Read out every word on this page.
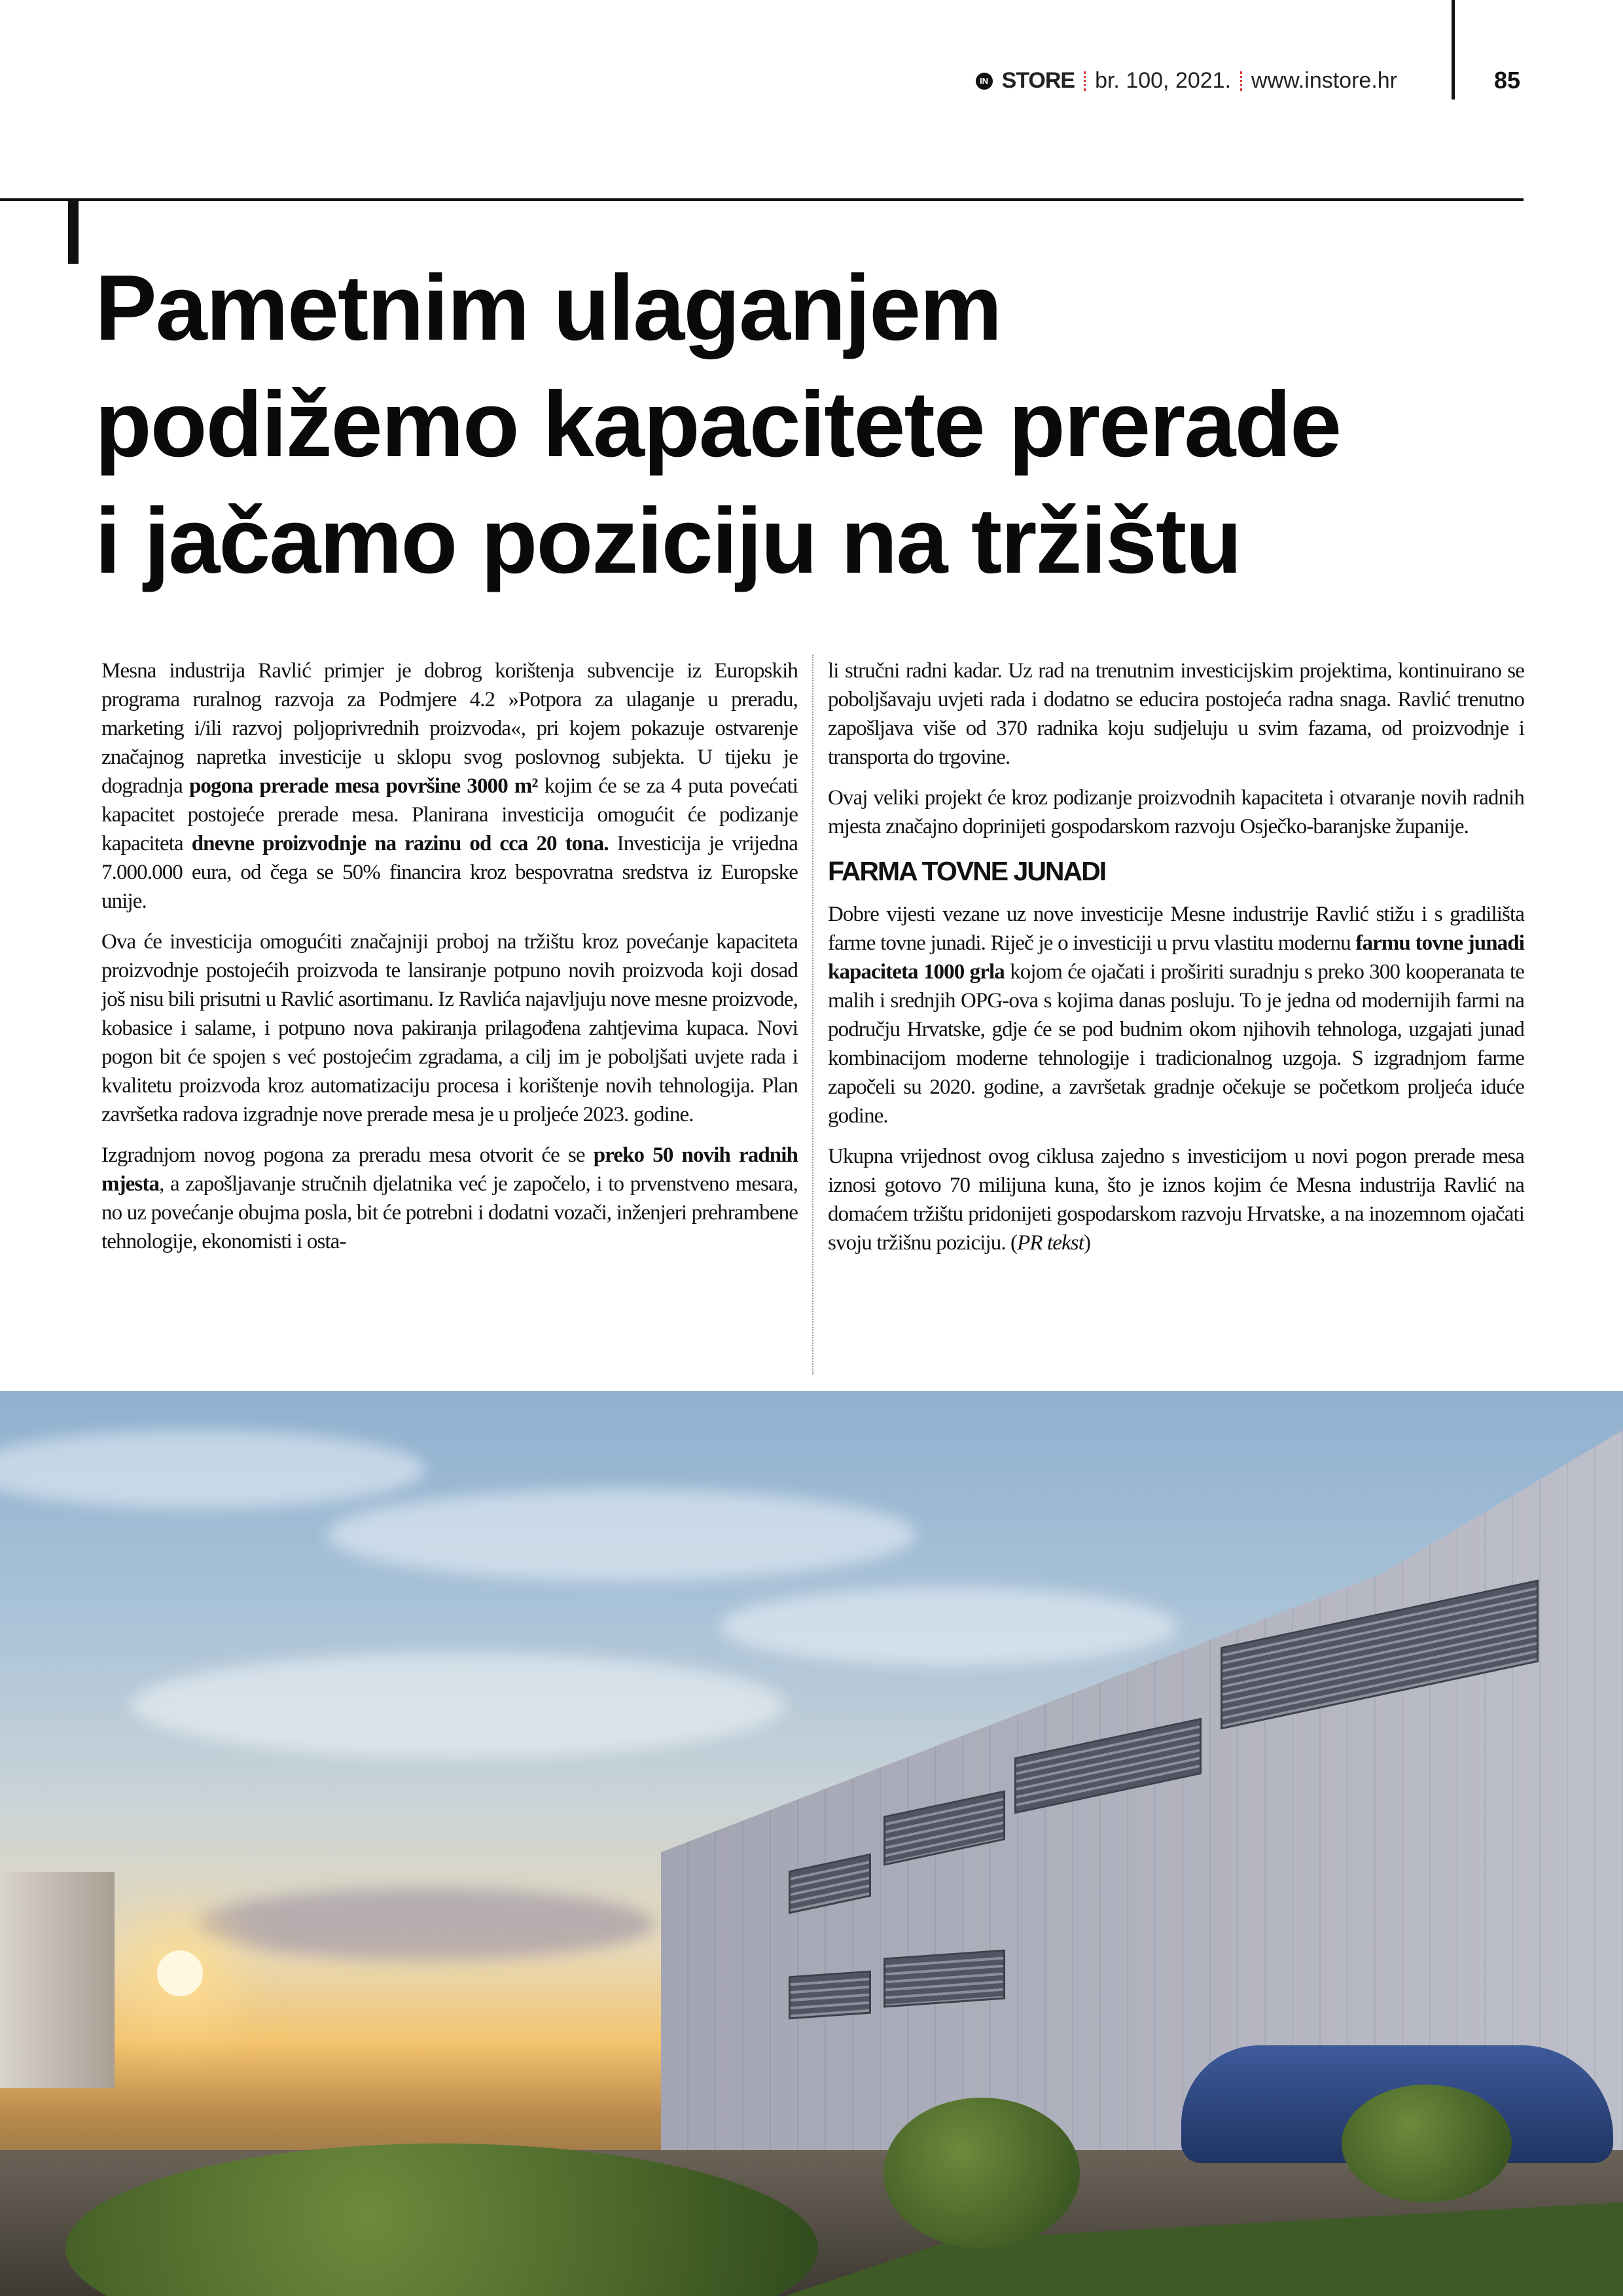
IN STORE br. 100, 2021. www.instore.hr	85
Pametnim ulaganjem
podižemo kapacitete prerade
i jačamo poziciju na tržištu

Mesna industrija Ravlić primjer je dobrog korištenja subvencije iz Europskih programa ruralnog razvoja za Podmjere 4.2 »Potpora za ulaganje u preradu, marketing i/ili razvoj poljoprivrednih proizvoda«, pri kojem pokazuje ostvarenje značajnog napretka investicije u sklopu svog poslovnog subjekta. U tijeku je dogradnja pogona prerade mesa površine 3000 m² kojim će se za 4 puta povećati kapacitet postojeće prerade mesa. Planirana investicija omogućit će podizanje kapaciteta dnevne proizvodnje na razinu od cca 20 tona. Investicija je vrijedna 7.000.000 eura, od čega se 50% financira kroz bespovratna sredstva iz Europske unije.

Ova će investicija omogućiti značajniji proboj na tržištu kroz povećanje kapaciteta proizvodnje postojećih proizvoda te lansiranje potpuno novih proizvoda koji dosad još nisu bili prisutni u Ravlić asortimanu. Iz Ravlića najavljuju nove mesne proizvode, kobasice i salame, i potpuno nova pakiranja prilagođena zahtjevima kupaca. Novi pogon bit će spojen s već postojećim zgradama, a cilj im je poboljšati uvjete rada i kvalitetu proizvoda kroz automatizaciju procesa i korištenje novih tehnologija. Plan završetka radova izgradnje nove prerade mesa je u proljeće 2023. godine.

Izgradnjom novog pogona za preradu mesa otvorit će se preko 50 novih radnih mjesta, a zapošljavanje stručnih djelatnika već je započelo, i to prvenstveno mesara, no uz povećanje obujma posla, bit će potrebni i dodatni vozači, inženjeri prehrambene tehnologije, ekonomisti i osta-

li stručni radni kadar. Uz rad na trenutnim investicijskim projektima, kontinuirano se poboljšavaju uvjeti rada i dodatno se educira postojeća radna snaga. Ravlić trenutno zapošljava više od 370 radnika koju sudjeluju u svim fazama, od proizvodnje i transporta do trgovine.

Ovaj veliki projekt će kroz podizanje proizvodnih kapaciteta i otvaranje novih radnih mjesta značajno doprinijeti gospodarskom razvoju Osječko-baranjske županije.

FARMA TOVNE JUNADI

Dobre vijesti vezane uz nove investicije Mesne industrije Ravlić stižu i s gradilišta farme tovne junadi. Riječ je o investiciji u prvu vlastitu modernu farmu tovne junadi kapaciteta 1000 grla kojom će ojačati i proširiti suradnju s preko 300 kooperanata te malih i srednjih OPG-ova s kojima danas posluju. To je jedna od modernijih farmi na području Hrvatske, gdje će se pod budnim okom njihovih tehnologa, uzgajati junad kombinacijom moderne tehnologije i tradicionalnog uzgoja. S izgradnjom farme započeli su 2020. godine, a završetak gradnje očekuje se početkom proljeća iduće godine.

Ukupna vrijednost ovog ciklusa zajedno s investicijom u novi pogon prerade mesa iznosi gotovo 70 milijuna kuna, što je iznos kojim će Mesna industrija Ravlić na domaćem tržištu pridonijeti gospodarskom razvoju Hrvatske, a na inozemnom ojačati svoju tržišnu poziciju. (PR tekst)
